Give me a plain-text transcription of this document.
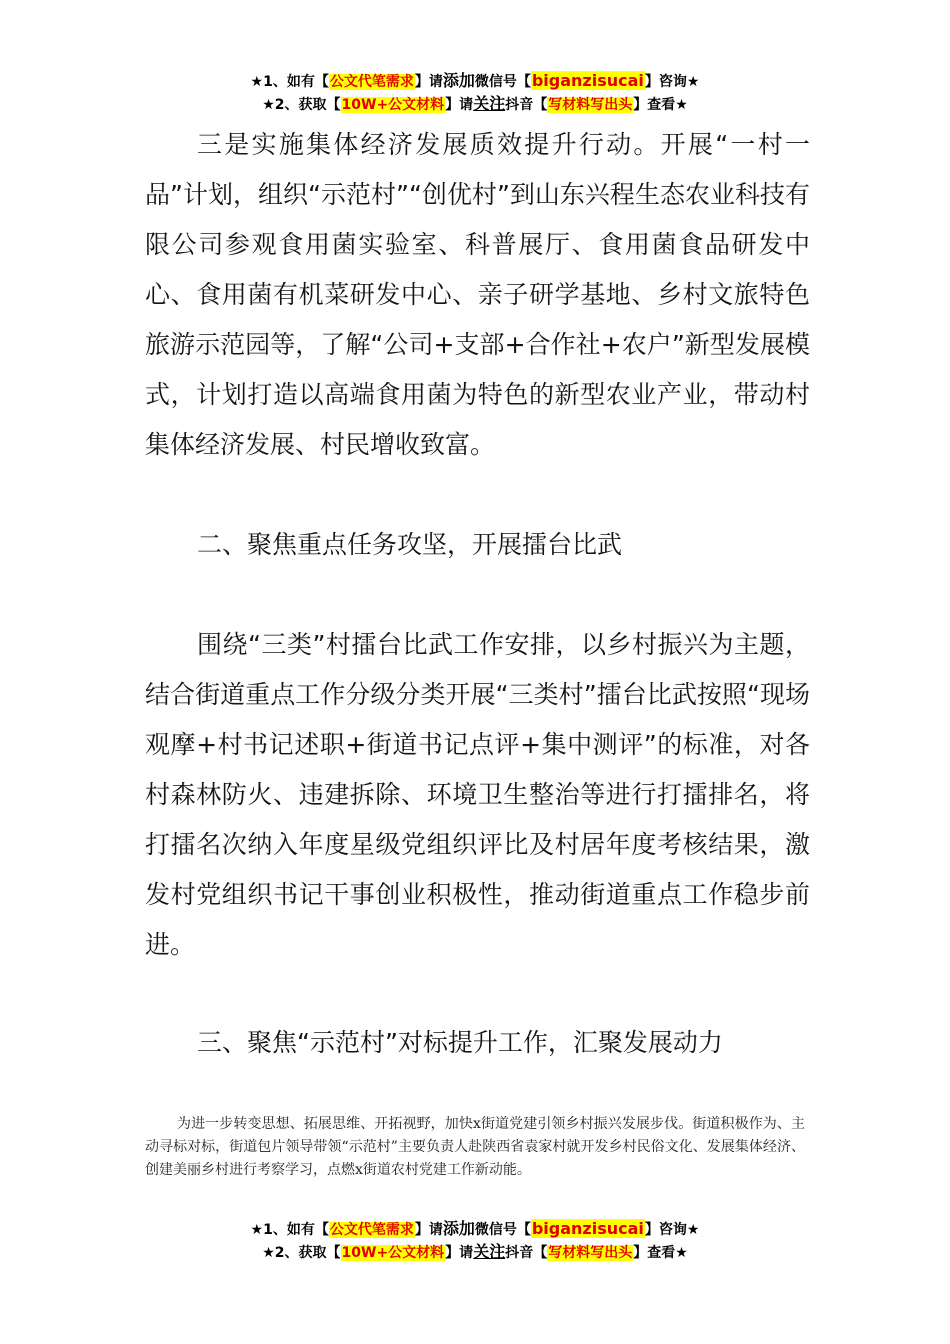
★1、如有【公文代笔需求】请添加微信号【biganzisucai】咨询★
★2、获取【10W+公文材料】请关注抖音【写材料写出头】查看★

三是实施集体经济发展质效提升行动。开展“一村一品”计划，组织“示范村”“创优村”到山东兴程生态农业科技有限公司参观食用菌实验室、科普展厅、食用菌食品研发中心、食用菌有机菜研发中心、亲子研学基地、乡村文旅特色旅游示范园等，了解“公司+支部+合作社+农户”新型发展模式，计划打造以高端食用菌为特色的新型农业产业，带动村集体经济发展、村民增收致富。

二、聚焦重点任务攻坚，开展擂台比武

围绕“三类”村擂台比武工作安排，以乡村振兴为主题，结合街道重点工作分级分类开展“三类村”擂台比武按照“现场观摩+村书记述职+街道书记点评+集中测评”的标准，对各村森林防火、违建拆除、环境卫生整治等进行打擂排名，将打擂名次纳入年度星级党组织评比及村居年度考核结果，激发村党组织书记干事创业积极性，推动街道重点工作稳步前进。

三、聚焦“示范村”对标提升工作，汇聚发展动力

为进一步转变思想、拓展思维、开拓视野，加快x街道党建引领乡村振兴发展步伐。街道积极作为、主动寻标对标，街道包片领导带领“示范村”主要负责人赴陕西省袁家村就开发乡村民俗文化、发展集体经济、创建美丽乡村进行考察学习，点燃x街道农村党建工作新动能。

★1、如有【公文代笔需求】请添加微信号【biganzisucai】咨询★
★2、获取【10W+公文材料】请关注抖音【写材料写出头】查看★
